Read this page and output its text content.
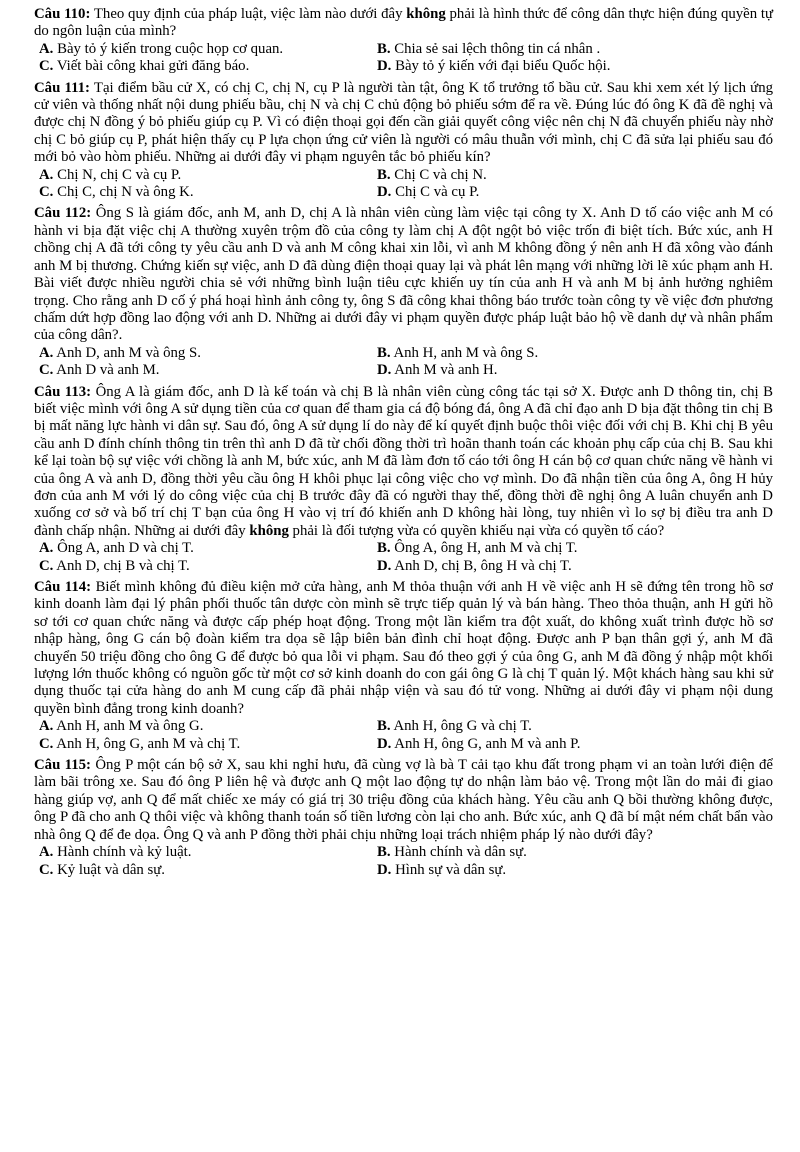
Câu 110: Theo quy định của pháp luật, việc làm nào dưới đây không phải là hình thức để công dân thực hiện đúng quyền tự do ngôn luận của mình?

A. Bày tỏ ý kiến trong cuộc họp cơ quan.	B. Chia sẻ sai lệch thông tin cá nhân .
C. Viết bài công khai gửi đăng báo.	D. Bày tỏ ý kiến với đại biểu Quốc hội.

Câu 111: Tại điểm bầu cử X, có chị C, chị N, cụ P là người tàn tật, ông K tổ trưởng tổ bầu cử. Sau khi xem xét lý lịch ứng cử viên và thống nhất nội dung phiếu bầu, chị N và chị C chủ động bỏ phiếu sớm để ra về. Đúng lúc đó ông K đã đề nghị và được chị N đồng ý bỏ phiếu giúp cụ P. Vì có điện thoại gọi đến cần giải quyết công việc nên chị N đã chuyển phiếu này nhờ chị C bỏ giúp cụ P, phát hiện thấy cụ P lựa chọn ứng cử viên là người có mâu thuẫn với mình, chị C đã sửa lại phiếu sau đó mới bỏ vào hòm phiếu. Những ai dưới đây vi phạm nguyên tắc bỏ phiếu kín?

A. Chị N, chị C và cụ P.	B. Chị C và chị N.
C. Chị C, chị N và ông K.	D. Chị C và cụ P.

Câu 112: Ông S là giám đốc, anh M, anh D, chị A là nhân viên cùng làm việc tại công ty X. Anh D tố cáo việc anh M có hành vi bịa đặt việc chị A thường xuyên trộm đồ của công ty làm chị A đột ngột bỏ việc trốn đi biệt tích. Bức xúc, anh H chồng chị A đã tới công ty yêu cầu anh D và anh M công khai xin lỗi, vì anh M không đồng ý nên anh H đã xông vào đánh anh M bị thương. Chứng kiến sự việc, anh D đã dùng điện thoại quay lại và phát lên mạng với những lời lẽ xúc phạm anh H. Bài viết được nhiều người chia sẻ với những bình luận tiêu cực khiến uy tín của anh H và anh M bị ảnh hưởng nghiêm trọng. Cho rằng anh D cố ý phá hoại hình ảnh công ty, ông S đã công khai thông báo trước toàn công ty về việc đơn phương chấm dứt hợp đồng lao động với anh D. Những ai dưới đây vi phạm quyền được pháp luật bảo hộ về danh dự và nhân phẩm của công dân?.

A. Anh D, anh M và ông S.	B. Anh H, anh M và ông S.
C. Anh D và anh M.	D. Anh M và anh H.

Câu 113: Ông A là giám đốc, anh D là kế toán và chị B là nhân viên cùng công tác tại sở X. Được anh D thông tin, chị B biết việc mình với ông A sử dụng tiền của cơ quan để tham gia cá độ bóng đá, ông A đã chỉ đạo anh D bịa đặt thông tin chị B bị mất năng lực hành vi dân sự. Sau đó, ông A sử dụng lí do này để kí quyết định buộc thôi việc đối với chị B. Khi chị B yêu cầu anh D đính chính thông tin trên thì anh D đã từ chối đồng thời trì hoãn thanh toán các khoản phụ cấp của chị B. Sau khi kể lại toàn bộ sự việc với chồng là anh M, bức xúc, anh M đã làm đơn tố cáo tới ông H cán bộ cơ quan chức năng về hành vi của ông A và anh D, đồng thời yêu cầu ông H khôi phục lại công việc cho vợ mình. Do đã nhận tiền của ông A, ông H hủy đơn của anh M với lý do công việc của chị B trước đây đã có người thay thế, đồng thời đề nghị ông A luân chuyển anh D xuống cơ sở và bố trí chị T bạn của ông H vào vị trí đó khiến anh D không hài lòng, tuy nhiên vì lo sợ bị điều tra anh D đành chấp nhận. Những ai dưới đây không phải là đối tượng vừa có quyền khiếu nại vừa có quyền tố cáo?

A. Ông A, anh D và chị T.	B. Ông A, ông H, anh M và chị T.
C. Anh D, chị B và chị T.	D. Anh D, chị B, ông H và chị T.

Câu 114: Biết mình không đủ điều kiện mở cửa hàng, anh M thỏa thuận với anh H về việc anh H sẽ đứng tên trong hồ sơ kinh doanh làm đại lý phân phối thuốc tân dược còn mình sẽ trực tiếp quản lý và bán hàng. Theo thỏa thuận, anh H gửi hồ sơ tới cơ quan chức năng và được cấp phép hoạt động. Trong một lần kiểm tra đột xuất, do không xuất trình được hồ sơ nhập hàng, ông G cán bộ đoàn kiểm tra dọa sẽ lập biên bản đình chỉ hoạt động. Được anh P bạn thân gợi ý, anh M đã chuyển 50 triệu đồng cho ông G để được bỏ qua lỗi vi phạm. Sau đó theo gợi ý của ông G, anh M đã đồng ý nhập một khối lượng lớn thuốc không có nguồn gốc từ một cơ sở kinh doanh do con gái ông G là chị T quản lý. Một khách hàng sau khi sử dụng thuốc tại cửa hàng do anh M cung cấp đã phải nhập viện và sau đó tử vong. Những ai dưới đây vi phạm nội dung quyền bình đẳng trong kinh doanh?

A. Anh H, anh M và ông G.	B. Anh H, ông G và chị T.
C. Anh H, ông G, anh M và chị T.	D. Anh H, ông G, anh M và anh P.

Câu 115: Ông P một cán bộ sở X, sau khi nghỉ hưu, đã cùng vợ là bà T cải tạo khu đất trong phạm vi an toàn lưới điện để làm bãi trông xe. Sau đó ông P liên hệ và được anh Q một lao động tự do nhận làm bảo vệ. Trong một lần do mải đi giao hàng giúp vợ, anh Q để mất chiếc xe máy có giá trị 30 triệu đồng của khách hàng. Yêu cầu anh Q bồi thường không được, ông P đã cho anh Q thôi việc và không thanh toán số tiền lương còn lại cho anh. Bức xúc, anh Q đã bí mật ném chất bẩn vào nhà ông Q để đe dọa. Ông Q và anh P đồng thời phải chịu những loại trách nhiệm pháp lý nào dưới đây?

A. Hành chính và kỷ luật.	B. Hành chính và dân sự.
C. Kỷ luật và dân sự.	D. Hình sự và dân sự.
